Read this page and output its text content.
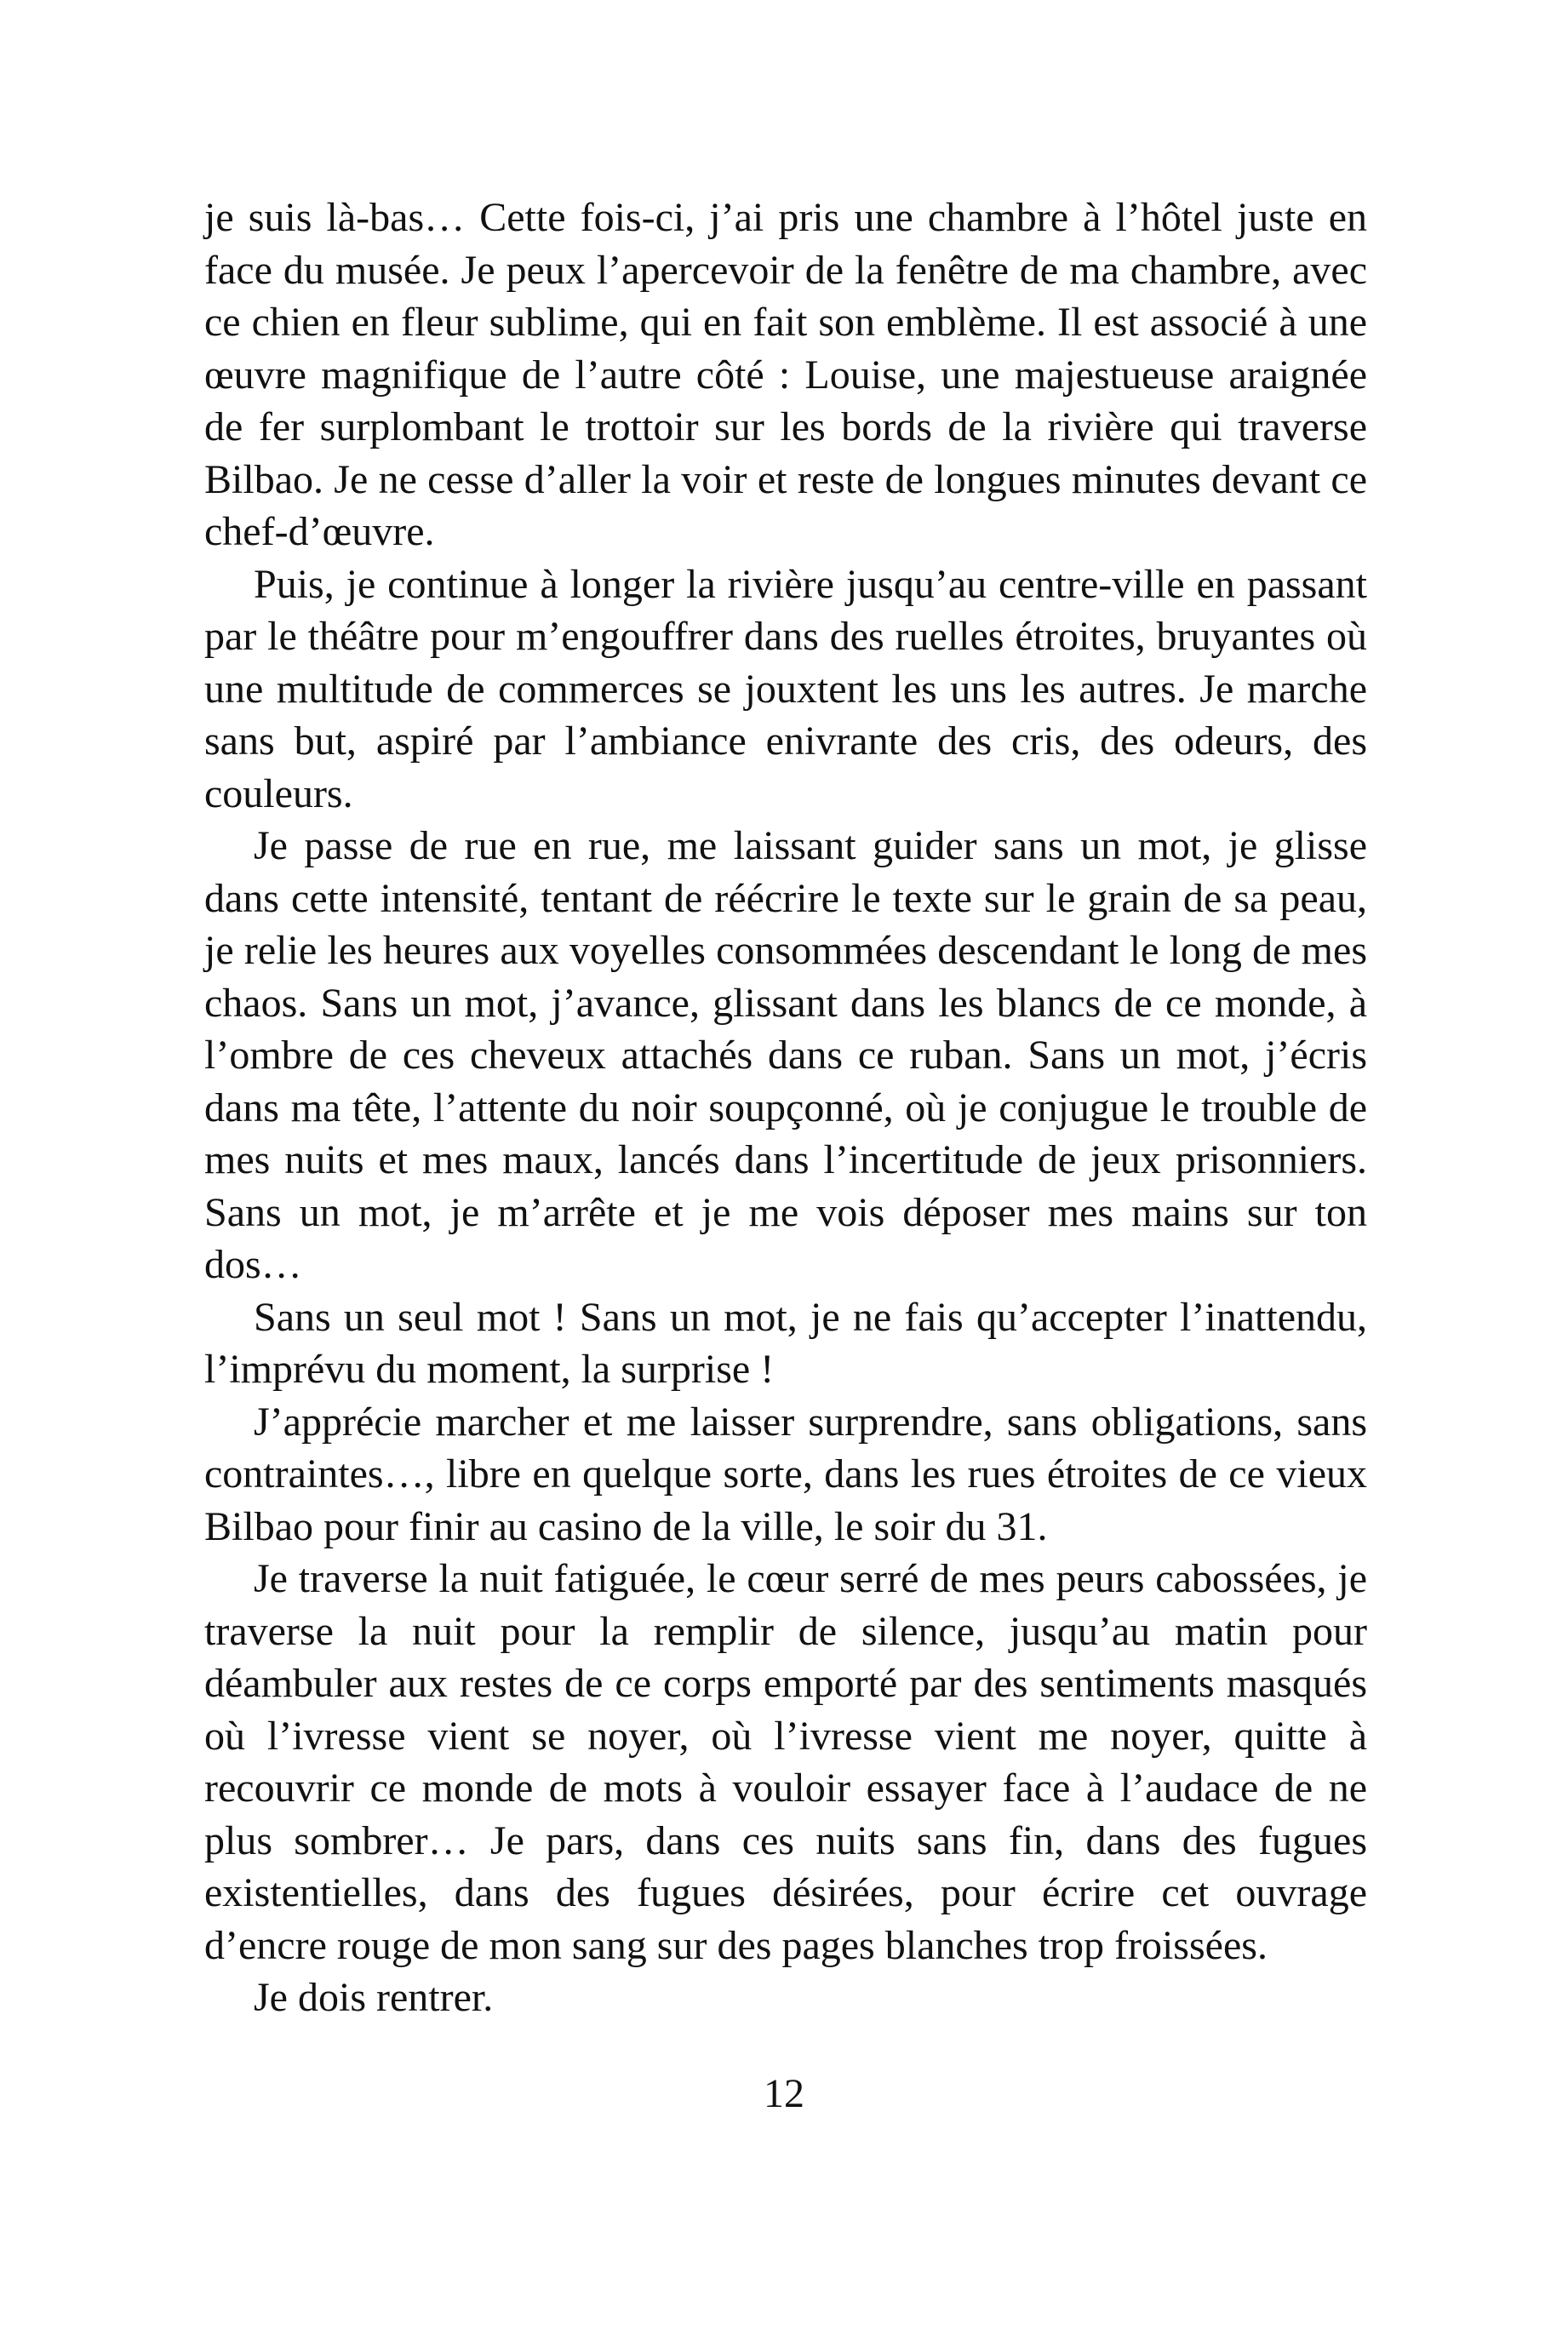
je suis là-bas… Cette fois-ci, j’ai pris une chambre à l’hôtel juste en face du musée. Je peux l’apercevoir de la fenêtre de ma chambre, avec ce chien en fleur sublime, qui en fait son emblème. Il est associé à une œuvre magnifique de l’autre côté : Louise, une majestueuse araignée de fer surplombant le trottoir sur les bords de la rivière qui traverse Bilbao. Je ne cesse d’aller la voir et reste de longues minutes devant ce chef-d’œuvre.

Puis, je continue à longer la rivière jusqu’au centre-ville en passant par le théâtre pour m’engouffrer dans des ruelles étroites, bruyantes où une multitude de commerces se jouxtent les uns les autres. Je marche sans but, aspiré par l’ambiance enivrante des cris, des odeurs, des couleurs.

Je passe de rue en rue, me laissant guider sans un mot, je glisse dans cette intensité, tentant de réécrire le texte sur le grain de sa peau, je relie les heures aux voyelles consommées descendant le long de mes chaos. Sans un mot, j’avance, glissant dans les blancs de ce monde, à l’ombre de ces cheveux attachés dans ce ruban. Sans un mot, j’écris dans ma tête, l’attente du noir soupçonné, où je conjugue le trouble de mes nuits et mes maux, lancés dans l’incertitude de jeux prisonniers. Sans un mot, je m’arrête et je me vois déposer mes mains sur ton dos…

Sans un seul mot ! Sans un mot, je ne fais qu’accepter l’inattendu, l’imprévu du moment, la surprise !

J’apprécie marcher et me laisser surprendre, sans obligations, sans contraintes…, libre en quelque sorte, dans les rues étroites de ce vieux Bilbao pour finir au casino de la ville, le soir du 31.

Je traverse la nuit fatiguée, le cœur serré de mes peurs cabossées, je traverse la nuit pour la remplir de silence, jusqu’au matin pour déambuler aux restes de ce corps emporté par des sentiments masqués où l’ivresse vient se noyer, où l’ivresse vient me noyer, quitte à recouvrir ce monde de mots à vouloir essayer face à l’audace de ne plus sombrer… Je pars, dans ces nuits sans fin, dans des fugues existentielles, dans des fugues désirées, pour écrire cet ouvrage d’encre rouge de mon sang sur des pages blanches trop froissées.

Je dois rentrer.

12
